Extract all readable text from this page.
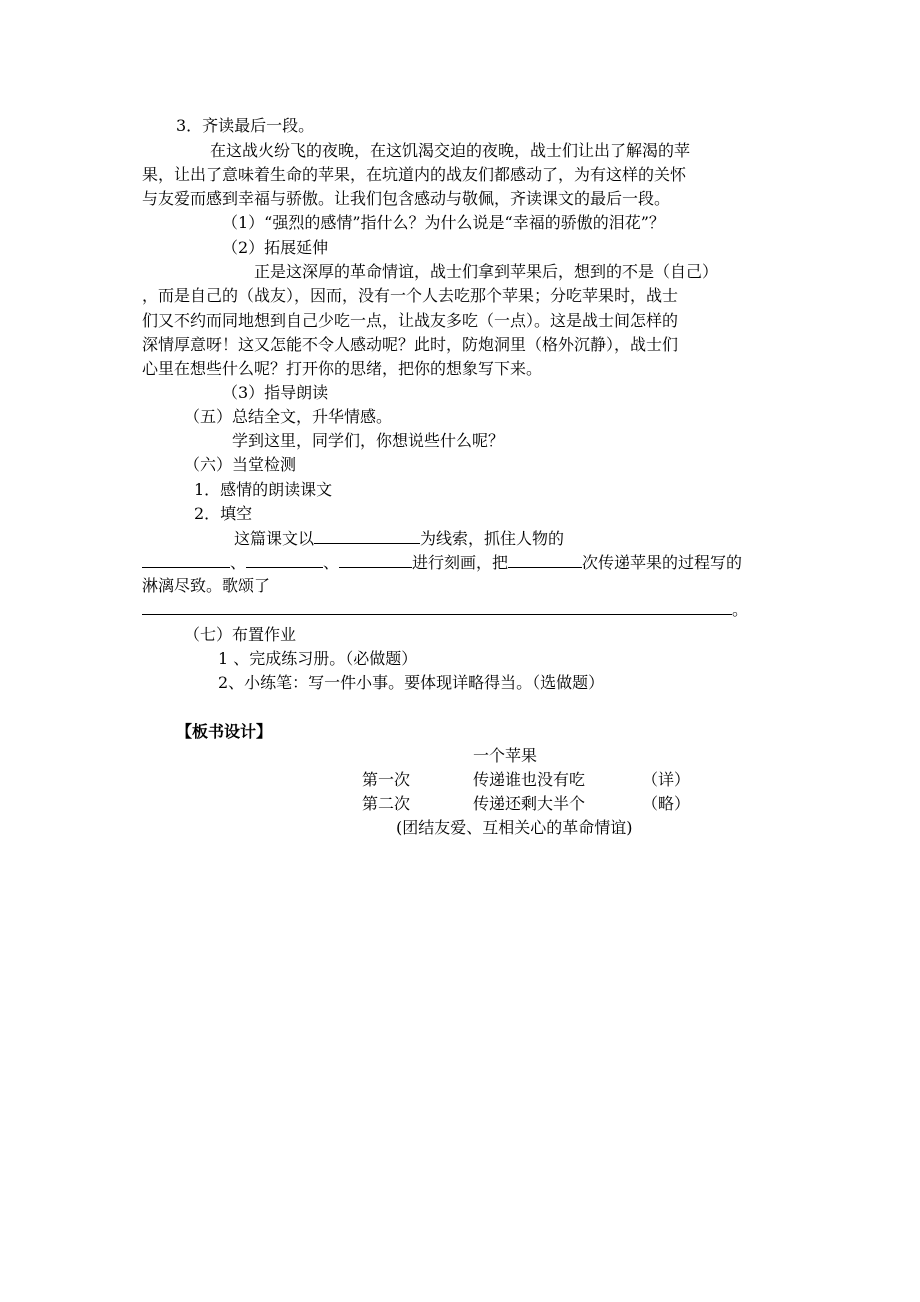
3．齐读最后一段。
在这战火纷飞的夜晚，在这饥渴交迫的夜晚，战士们让出了解渴的苹
果，让出了意味着生命的苹果，在坑道内的战友们都感动了，为有这样的关怀
与友爱而感到幸福与骄傲。让我们包含感动与敬佩，齐读课文的最后一段。
（1）“强烈的感情”指什么？为什么说是“幸福的骄傲的泪花”？
（2）拓展延伸
正是这深厚的革命情谊，战士们拿到苹果后，想到的不是（自己）
，而是自己的（战友），因而，没有一个人去吃那个苹果；分吃苹果时，战士
们又不约而同地想到自己少吃一点，让战友多吃（一点）。这是战士间怎样的
深情厚意呀！这又怎能不令人感动呢？此时，防炮洞里（格外沉静），战士们
心里在想些什么呢？打开你的思绪，把你的想象写下来。
（3）指导朗读
（五）总结全文，升华情感。
学到这里，同学们，你想说些什么呢？
（六）当堂检测
1．感情的朗读课文
2．填空
这篇课文以	为线索，抓住人物的
、	、	进行刻画，把	次传递苹果的过程写的
淋漓尽致。歌颂了
。
（七）布置作业
1 、完成练习册。（必做题）
2、小练笔：写一件小事。要体现详略得当。（选做题）
【板书设计】
一个苹果
第一次	传递谁也没有吃	（详）
第二次	传递还剩大半个	（略）
(团结友爱、互相关心的革命情谊)
